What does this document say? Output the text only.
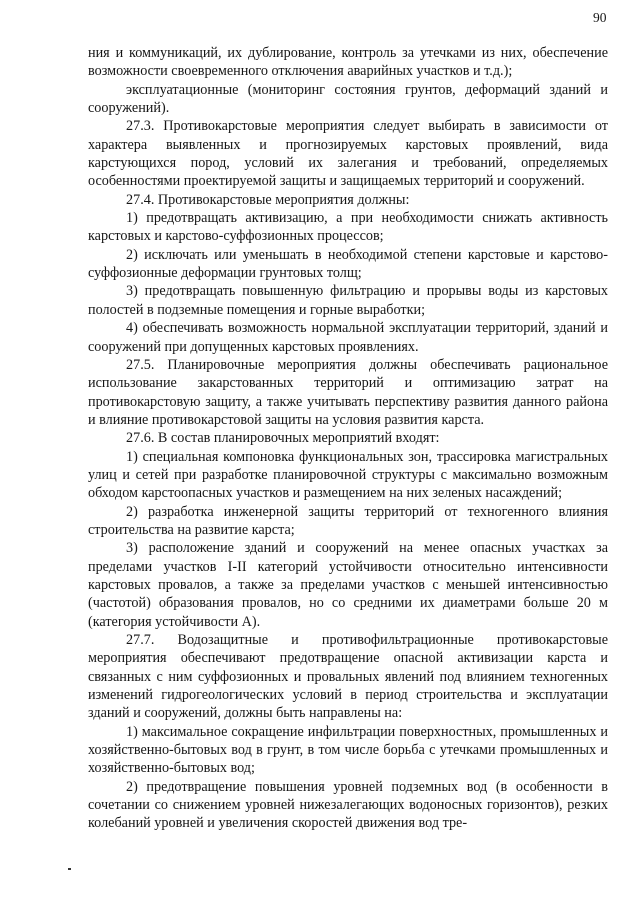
90

ния и коммуникаций, их дублирование, контроль за утечками из них, обеспечение возможности своевременного отключения аварийных участков и т.д.);

эксплуатационные (мониторинг состояния грунтов, деформаций зданий и сооружений).

27.3. Противокарстовые мероприятия следует выбирать в зависимости от характера выявленных и прогнозируемых карстовых проявлений, вида карстующихся пород, условий их залегания и требований, определяемых особенностями проектируемой защиты и защищаемых территорий и сооружений.

27.4. Противокарстовые мероприятия должны:

1) предотвращать активизацию, а при необходимости снижать активность карстовых и карстово-суффозионных процессов;

2) исключать или уменьшать в необходимой степени карстовые и карстово-суффозионные деформации грунтовых толщ;

3) предотвращать повышенную фильтрацию и прорывы воды из карстовых полостей в подземные помещения и горные выработки;

4) обеспечивать возможность нормальной эксплуатации территорий, зданий и сооружений при допущенных карстовых проявлениях.

27.5. Планировочные мероприятия должны обеспечивать рациональное использование закарстованных территорий и оптимизацию затрат на противокарстовую защиту, а также учитывать перспективу развития данного района и влияние противокарстовой защиты на условия развития карста.

27.6. В состав планировочных мероприятий входят:

1) специальная компоновка функциональных зон, трассировка магистральных улиц и сетей при разработке планировочной структуры с максимально возможным обходом карстоопасных участков и размещением на них зеленых насаждений;

2) разработка инженерной защиты территорий от техногенного влияния строительства на развитие карста;

3) расположение зданий и сооружений на менее опасных участках за пределами участков I-II категорий устойчивости относительно интенсивности карстовых провалов, а также за пределами участков с меньшей интенсивностью (частотой) образования провалов, но со средними их диаметрами больше 20 м (категория устойчивости А).

27.7. Водозащитные и противофильтрационные противокарстовые мероприятия обеспечивают предотвращение опасной активизации карста и связанных с ним суффозионных и провальных явлений под влиянием техногенных изменений гидрогеологических условий в период строительства и эксплуатации зданий и сооружений, должны быть направлены на:

1) максимальное сокращение инфильтрации поверхностных, промышленных и хозяйственно-бытовых вод в грунт, в том числе борьба с утечками промышленных и хозяйственно-бытовых вод;

2) предотвращение повышения уровней подземных вод (в особенности в сочетании со снижением уровней нижезалегающих водоносных горизонтов), резких колебаний уровней и увеличения скоростей движения вод тре-
